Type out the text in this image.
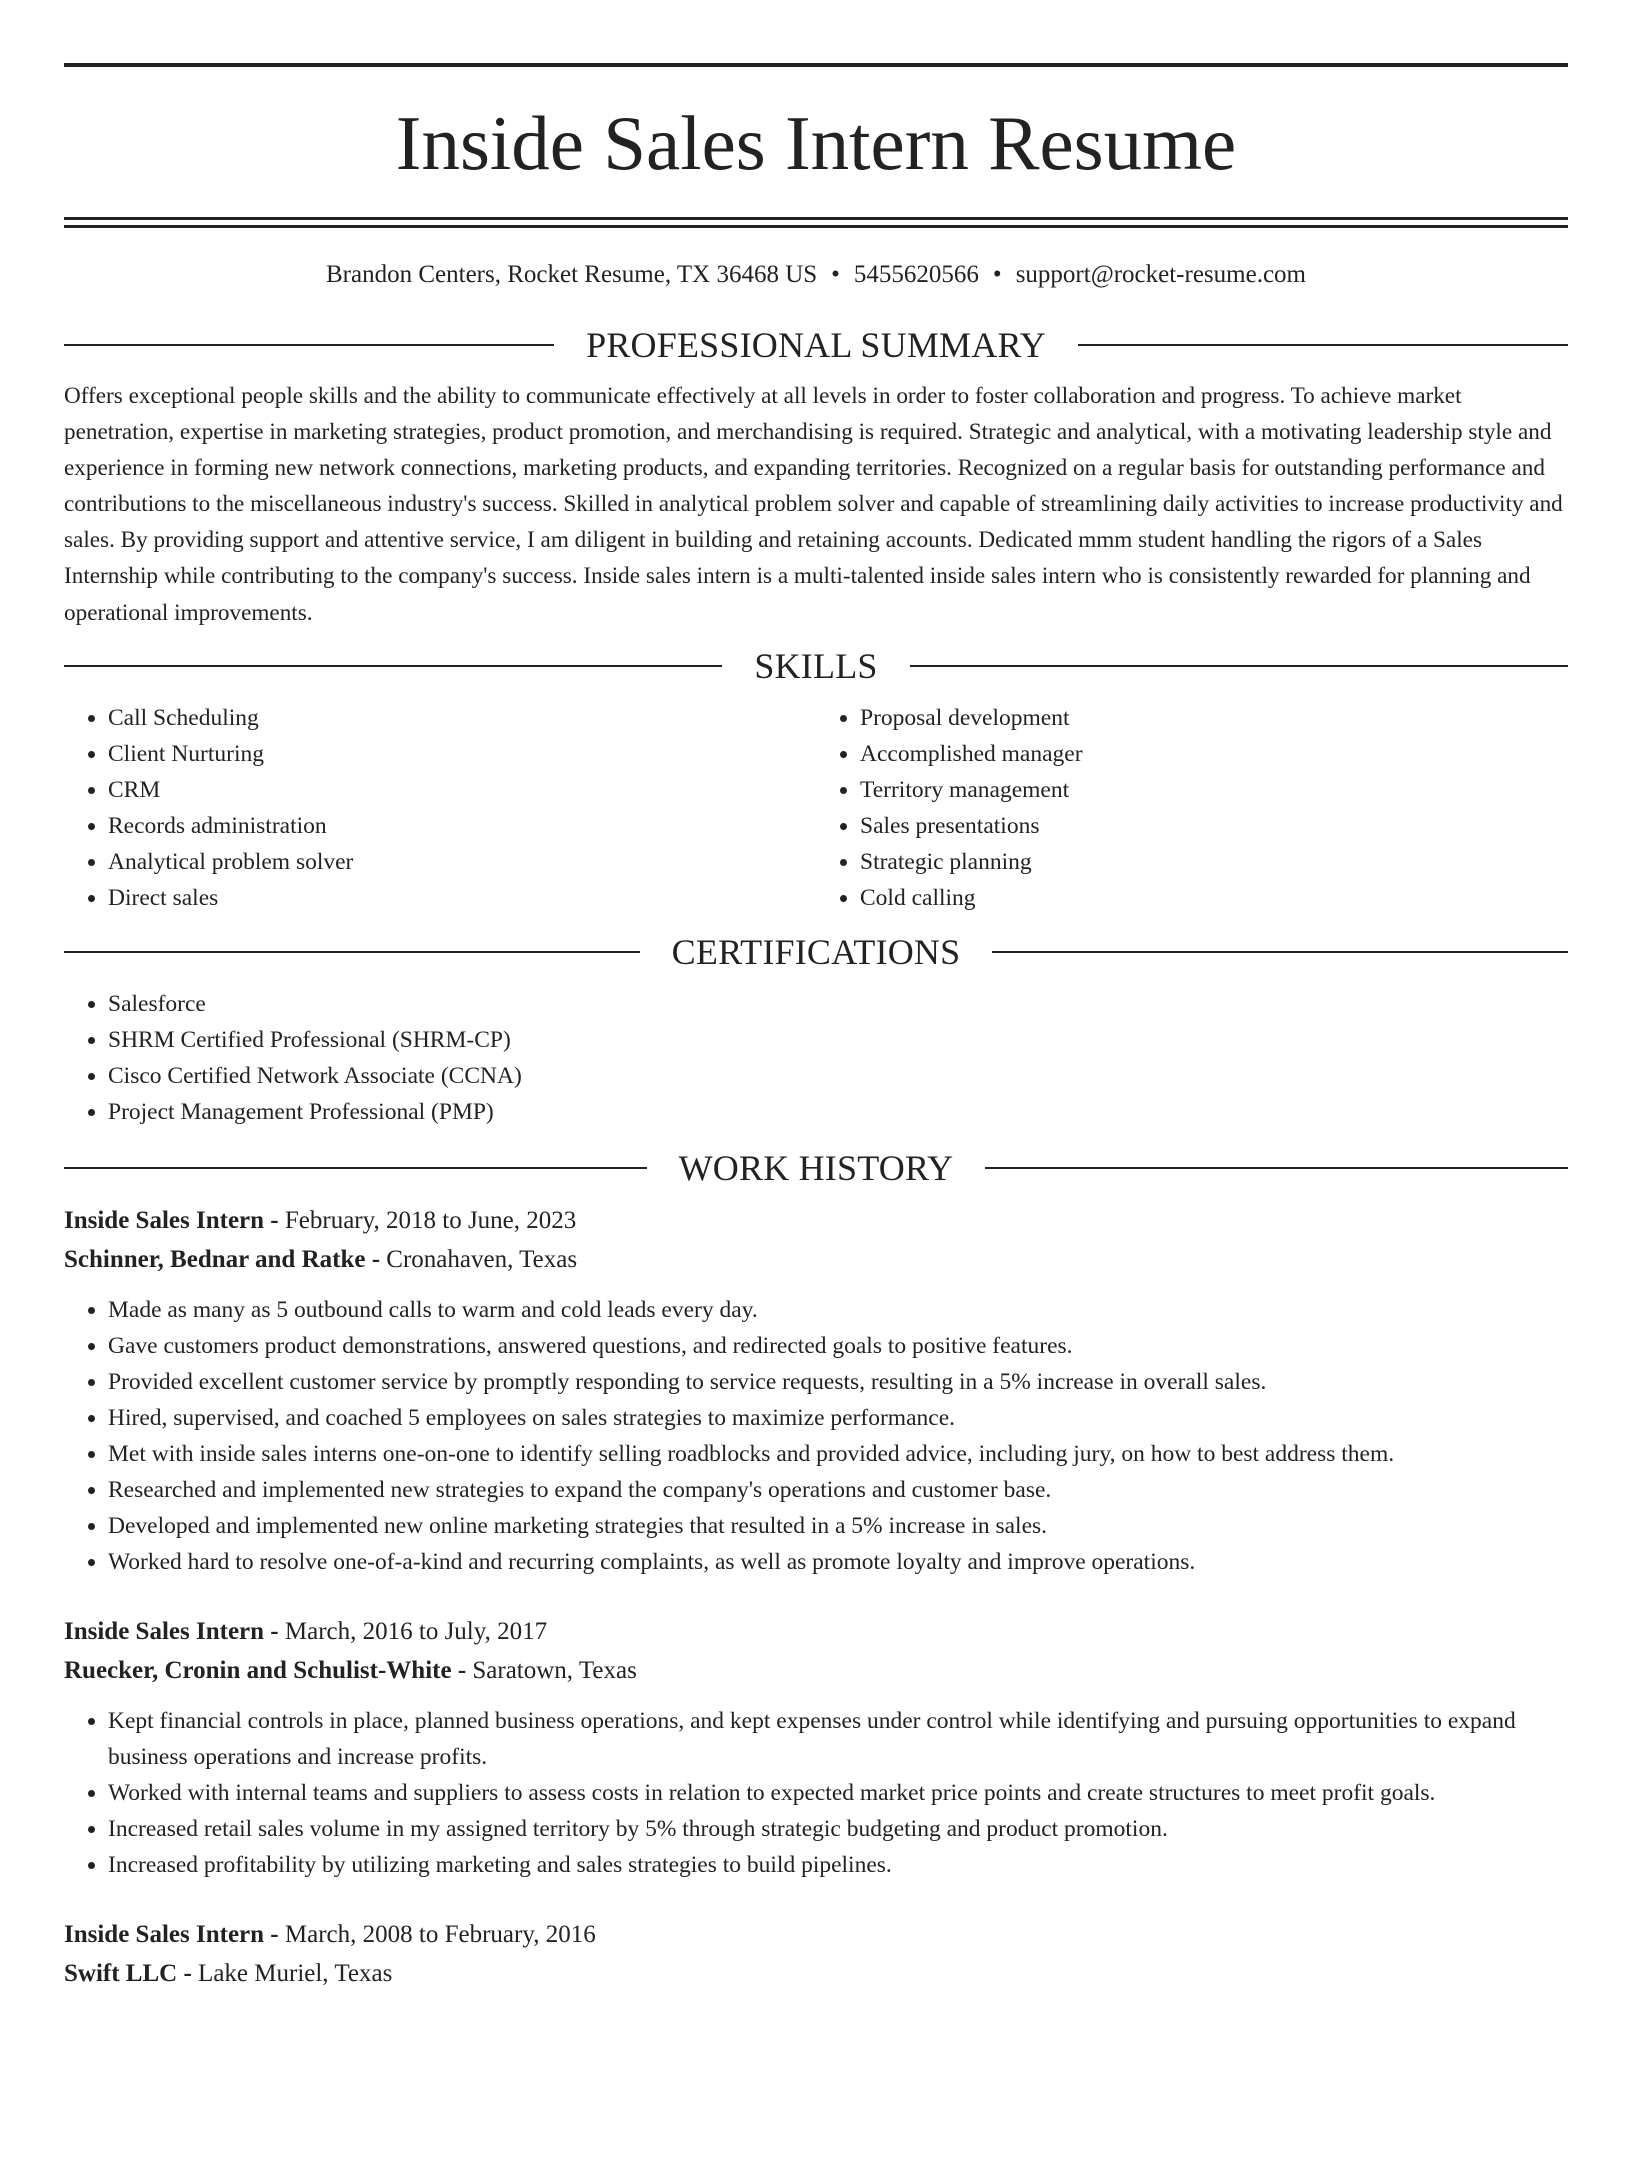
Inside Sales Intern Resume
Brandon Centers, Rocket Resume, TX 36468 US • 5455620566 • support@rocket-resume.com
PROFESSIONAL SUMMARY

Offers exceptional people skills and the ability to communicate effectively at all levels in order to foster collaboration and progress. To achieve market penetration, expertise in marketing strategies, product promotion, and merchandising is required. Strategic and analytical, with a motivating leadership style and experience in forming new network connections, marketing products, and expanding territories. Recognized on a regular basis for outstanding performance and contributions to the miscellaneous industry's success. Skilled in analytical problem solver and capable of streamlining daily activities to increase productivity and sales. By providing support and attentive service, I am diligent in building and retaining accounts. Dedicated mmm student handling the rigors of a Sales Internship while contributing to the company's success. Inside sales intern is a multi-talented inside sales intern who is consistently rewarded for planning and operational improvements.

SKILLS
• Call Scheduling
• Client Nurturing
• CRM
• Records administration
• Analytical problem solver
• Direct sales
• Proposal development
• Accomplished manager
• Territory management
• Sales presentations
• Strategic planning
• Cold calling
CERTIFICATIONS
• Salesforce
• SHRM Certified Professional (SHRM-CP)
• Cisco Certified Network Associate (CCNA)
• Project Management Professional (PMP)
WORK HISTORY
Inside Sales Intern - February, 2018 to June, 2023
Schinner, Bednar and Ratke - Cronahaven, Texas
• Made as many as 5 outbound calls to warm and cold leads every day.
• Gave customers product demonstrations, answered questions, and redirected goals to positive features.
• Provided excellent customer service by promptly responding to service requests, resulting in a 5% increase in overall sales.
• Hired, supervised, and coached 5 employees on sales strategies to maximize performance.
• Met with inside sales interns one-on-one to identify selling roadblocks and provided advice, including jury, on how to best address them.
• Researched and implemented new strategies to expand the company's operations and customer base.
• Developed and implemented new online marketing strategies that resulted in a 5% increase in sales.
• Worked hard to resolve one-of-a-kind and recurring complaints, as well as promote loyalty and improve operations.
Inside Sales Intern - March, 2016 to July, 2017
Ruecker, Cronin and Schulist-White - Saratown, Texas
• Kept financial controls in place, planned business operations, and kept expenses under control while identifying and pursuing opportunities to expand business operations and increase profits.
• Worked with internal teams and suppliers to assess costs in relation to expected market price points and create structures to meet profit goals.
• Increased retail sales volume in my assigned territory by 5% through strategic budgeting and product promotion.
• Increased profitability by utilizing marketing and sales strategies to build pipelines.
Inside Sales Intern - March, 2008 to February, 2016
Swift LLC - Lake Muriel, Texas
